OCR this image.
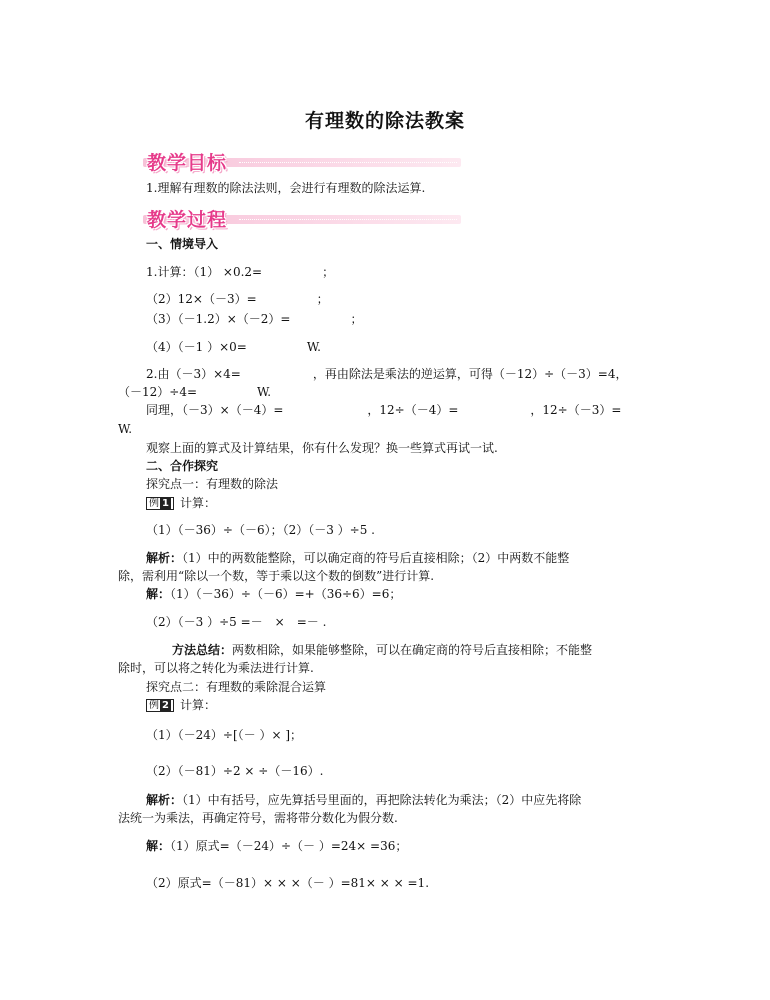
有理数的除法教案
教学目标
1.理解有理数的除法法则，会进行有理数的除法运算.
教学过程
一、情境导入
1.计算：（1） ×0.2=　　　　　；
（2）12×（－3）=　　　　　；
（3）（－1.2）×（－2）=　　　　　；
（4）（－1 ）×0=　　　　　W.
2.由（－3）×4=　　　　　　，再由除法是乘法的逆运算，可得（－12）÷（－3）=4，
（－12）÷4=　　　　　W.
同理，（－3）×（－4）=　　　　　　　，12÷（－4）=　　　　　　，12÷（－3）=
W.
观察上面的算式及计算结果，你有什么发现？换一些算式再试一试.
二、合作探究
探究点一：有理数的除法
例 1 计算：
（1）（－36）÷（－6）；（2）（－3 ）÷5 .
解析：（1）中的两数能整除，可以确定商的符号后直接相除；（2）中两数不能整
除，需利用“除以一个数，等于乘以这个数的倒数”进行计算.
解：（1）（－36）÷（－6）=+（36÷6）=6；
（2）（－3 ）÷5 =－　×　=－ .
方法总结：两数相除，如果能够整除，可以在确定商的符号后直接相除；不能整
除时，可以将之转化为乘法进行计算.
探究点二：有理数的乘除混合运算
例 2 计算：
（1）（－24）÷[（－ ）× ]；
（2）（－81）÷2 × ÷（－16）.
解析：（1）中有括号，应先算括号里面的，再把除法转化为乘法；（2）中应先将除
法统一为乘法，再确定符号，需将带分数化为假分数.
解：（1）原式=（－24）÷（－ ）=24× =36；
（2）原式=（－81）× × ×（－ ）=81× × × =1.
